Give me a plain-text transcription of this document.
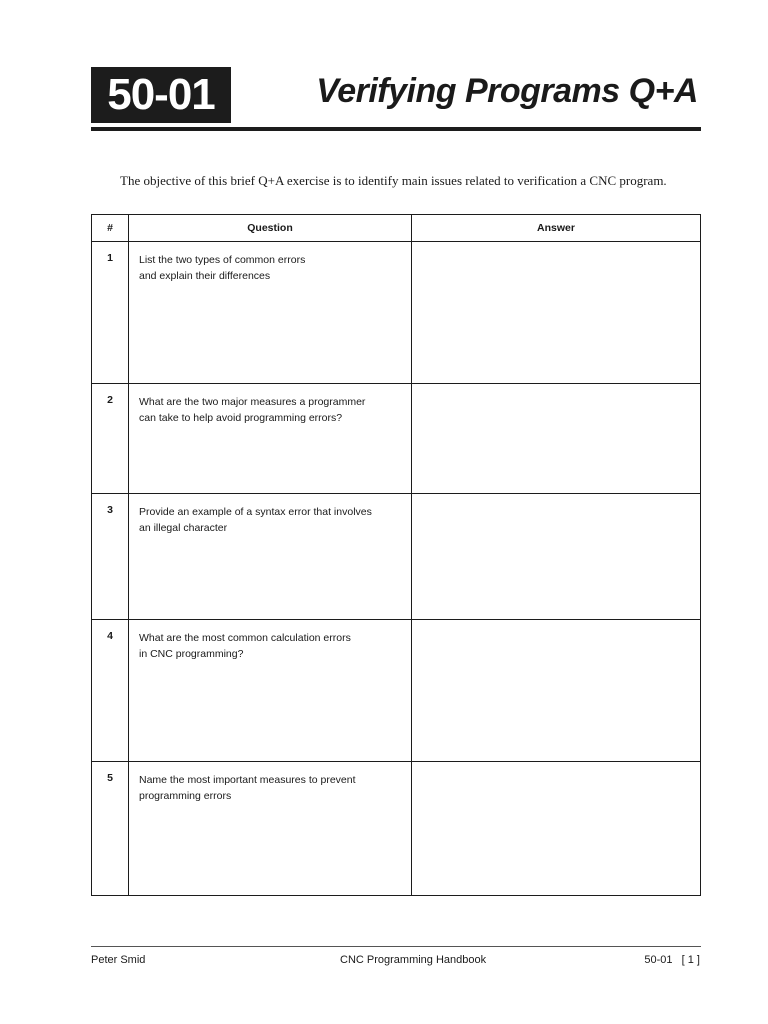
50-01	Verifying Programs Q+A
The objective of this brief Q+A exercise is to identify main issues related to verification a CNC program.
#	Question	Answer
1	List the two types of common errors
and explain their differences	

2	What are the two major measures a programmer
can take to help avoid programming errors?	

3	Provide an example of a syntax error that involves
an illegal character	

4	What are the most common calculation errors
in CNC programming?	

5	Name the most important measures to prevent
programming errors	

Peter Smid	CNC Programming Handbook	50-01   [ 1 ]
